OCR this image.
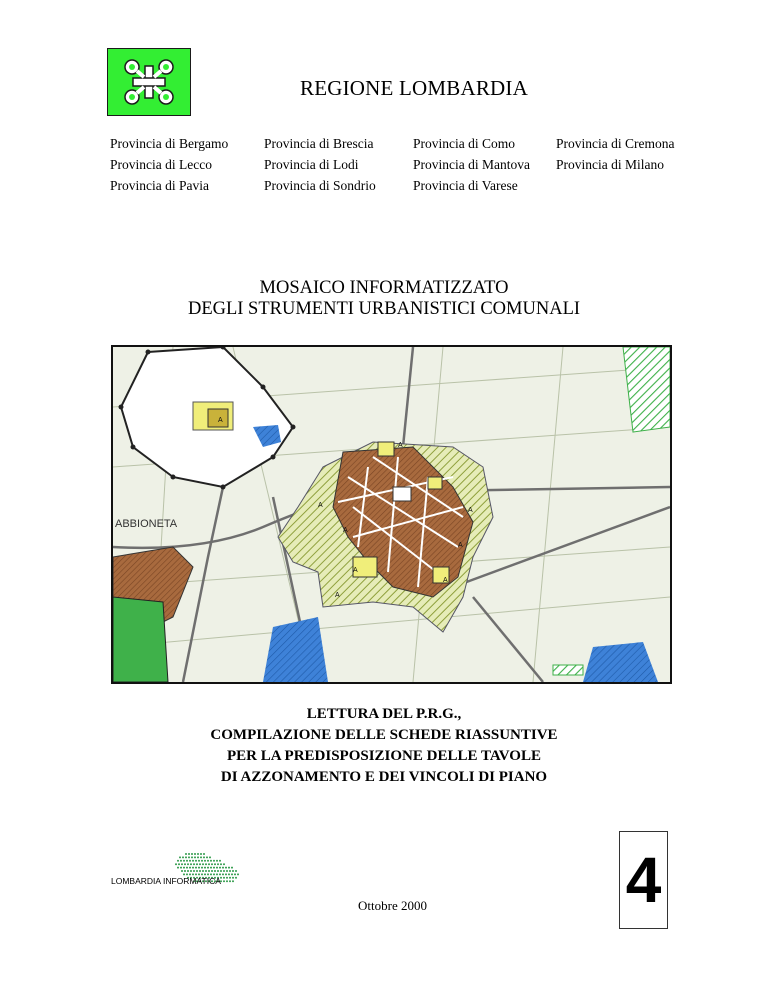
REGIONE LOMBARDIA
Provincia di Bergamo
Provincia di Lecco
Provincia di Pavia
Provincia di Brescia
Provincia di Lodi
Provincia di Sondrio
Provincia di Como
Provincia di Mantova
Provincia di Varese
Provincia di Cremona
Provincia di Milano
MOSAICO INFORMATIZZATO
DEGLI STRUMENTI URBANISTICI COMUNALI
ABBIONETA
A
A
A
A
A
A
A
A
A
LETTURA DEL P.R.G.,
COMPILAZIONE DELLE SCHEDE RIASSUNTIVE
PER LA PREDISPOSIZIONE DELLE TAVOLE
DI AZZONAMENTO E DEI VINCOLI DI PIANO
LOMBARDIA INFORMATICA
Ottobre 2000	4
